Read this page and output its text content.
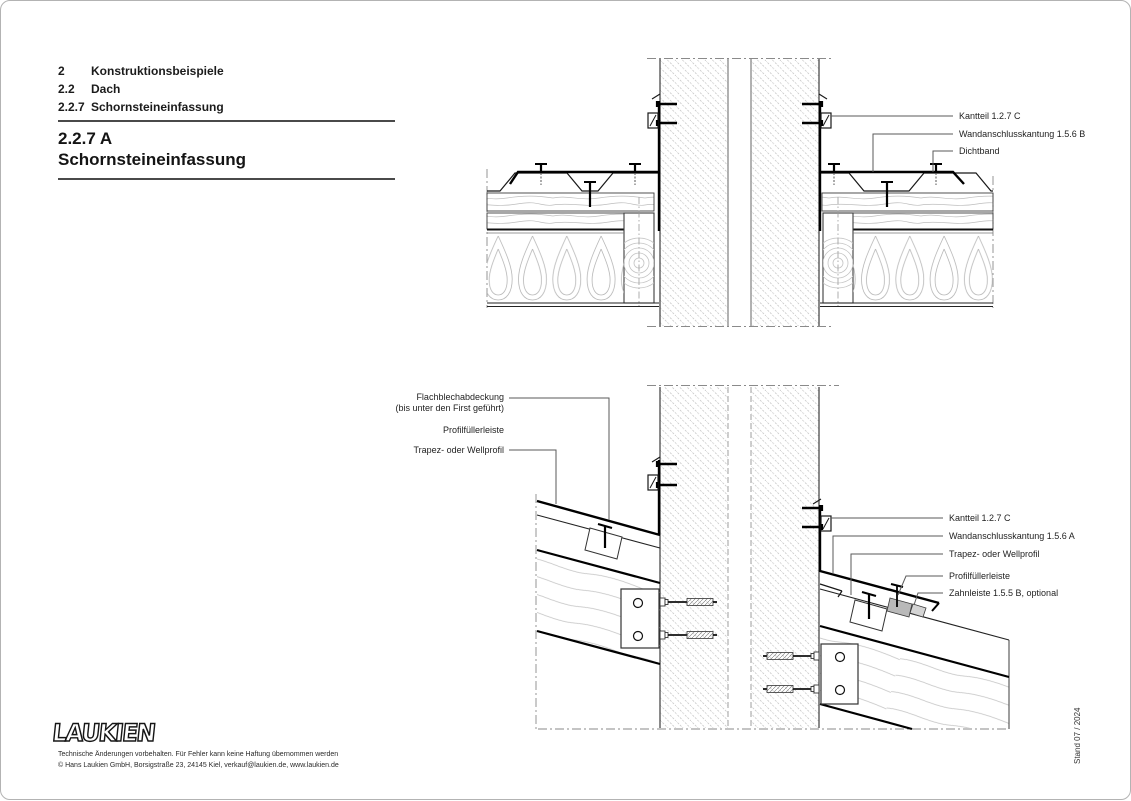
2 Konstruktionsbeispiele
2.2 Dach
2.2.7 Schornsteineinfassung
2.2.7 A
Schornsteineinfassung
Kantteil 1.2.7 C
Wandanschlusskantung 1.5.6 B
Dichtband
Flachblechabdeckung
(bis unter den First geführt)
Profilfüllerleiste
Trapez- oder Wellprofil
Kantteil 1.2.7 C
Wandanschlusskantung 1.5.6 A
Trapez- oder Wellprofil
Profilfüllerleiste
Zahnleiste 1.5.5 B, optional
LAUKIEN
Technische Änderungen vorbehalten. Für Fehler kann keine Haftung übernommen werden
© Hans Laukien GmbH, Borsigstraße 23, 24145 Kiel, verkauf@laukien.de, www.laukien.de
Stand 07 / 2024
